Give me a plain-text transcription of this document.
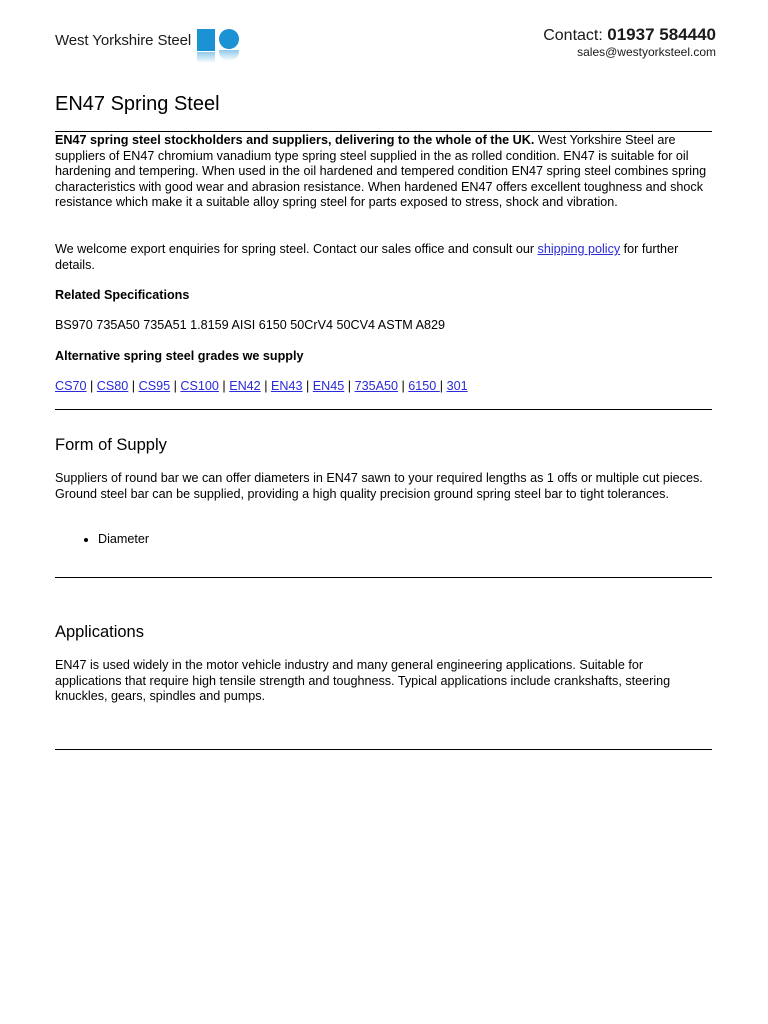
West Yorkshire Steel	Contact: 01937 584440
sales@westyorksteel.com
EN47 Spring Steel

EN47 spring steel stockholders and suppliers, delivering to the whole of the UK. West Yorkshire Steel are suppliers of EN47 chromium vanadium type spring steel supplied in the as rolled condition. EN47 is suitable for oil hardening and tempering. When used in the oil hardened and tempered condition EN47 spring steel combines spring characteristics with good wear and abrasion resistance. When hardened EN47 offers excellent toughness and shock resistance which make it a suitable alloy spring steel for parts exposed to stress, shock and vibration.

We welcome export enquiries for spring steel. Contact our sales office and consult our shipping policy for further details.

Related Specifications

BS970 735A50 735A51 1.8159 AISI 6150 50CrV4 50CV4 ASTM A829

Alternative spring steel grades we supply

CS70 | CS80 | CS95 | CS100 | EN42 | EN43 | EN45 | 735A50 | 6150 | 301

Form of Supply

Suppliers of round bar we can offer diameters in EN47 sawn to your required lengths as 1 offs or multiple cut pieces. Ground steel bar can be supplied, providing a high quality precision ground spring steel bar to tight tolerances.

• Diameter
Applications

EN47 is used widely in the motor vehicle industry and many general engineering applications. Suitable for applications that require high tensile strength and toughness. Typical applications include crankshafts, steering knuckles, gears, spindles and pumps.
